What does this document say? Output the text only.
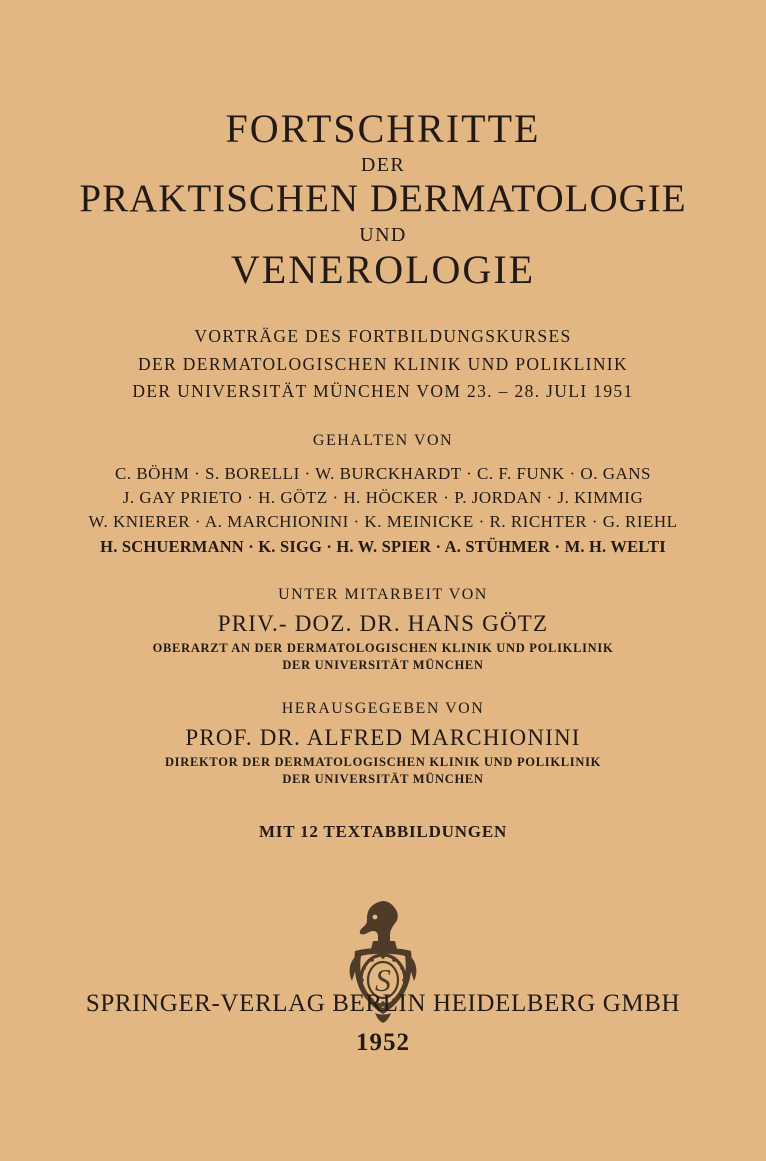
FORTSCHRITTE
DER
PRAKTISCHEN DERMATOLOGIE
UND
VENEROLOGIE
VORTRÄGE DES FORTBILDUNGSKURSES
DER DERMATOLOGISCHEN KLINIK UND POLIKLINIK
DER UNIVERSITÄT MÜNCHEN VOM 23. – 28. JULI 1951
GEHALTEN VON
C. BÖHM · S. BORELLI · W. BURCKHARDT · C. F. FUNK · O. GANS
J. GAY PRIETO · H. GÖTZ · H. HÖCKER · P. JORDAN · J. KIMMIG
W. KNIERER · A. MARCHIONINI · K. MEINICKE · R. RICHTER · G. RIEHL
H. SCHUERMANN · K. SIGG · H. W. SPIER · A. STÜHMER · M. H. WELTI
UNTER MITARBEIT VON
PRIV.- DOZ. DR. HANS GÖTZ
OBERARZT AN DER DERMATOLOGISCHEN KLINIK UND POLIKLINIK
DER UNIVERSITÄT MÜNCHEN
HERAUSGEGEBEN VON
PROF. DR. ALFRED MARCHIONINI
DIREKTOR DER DERMATOLOGISCHEN KLINIK UND POLIKLINIK
DER UNIVERSITÄT MÜNCHEN
MIT 12 TEXTABBILDUNGEN
S
SPRINGER-VERLAG BERLIN HEIDELBERG GMBH
1952
